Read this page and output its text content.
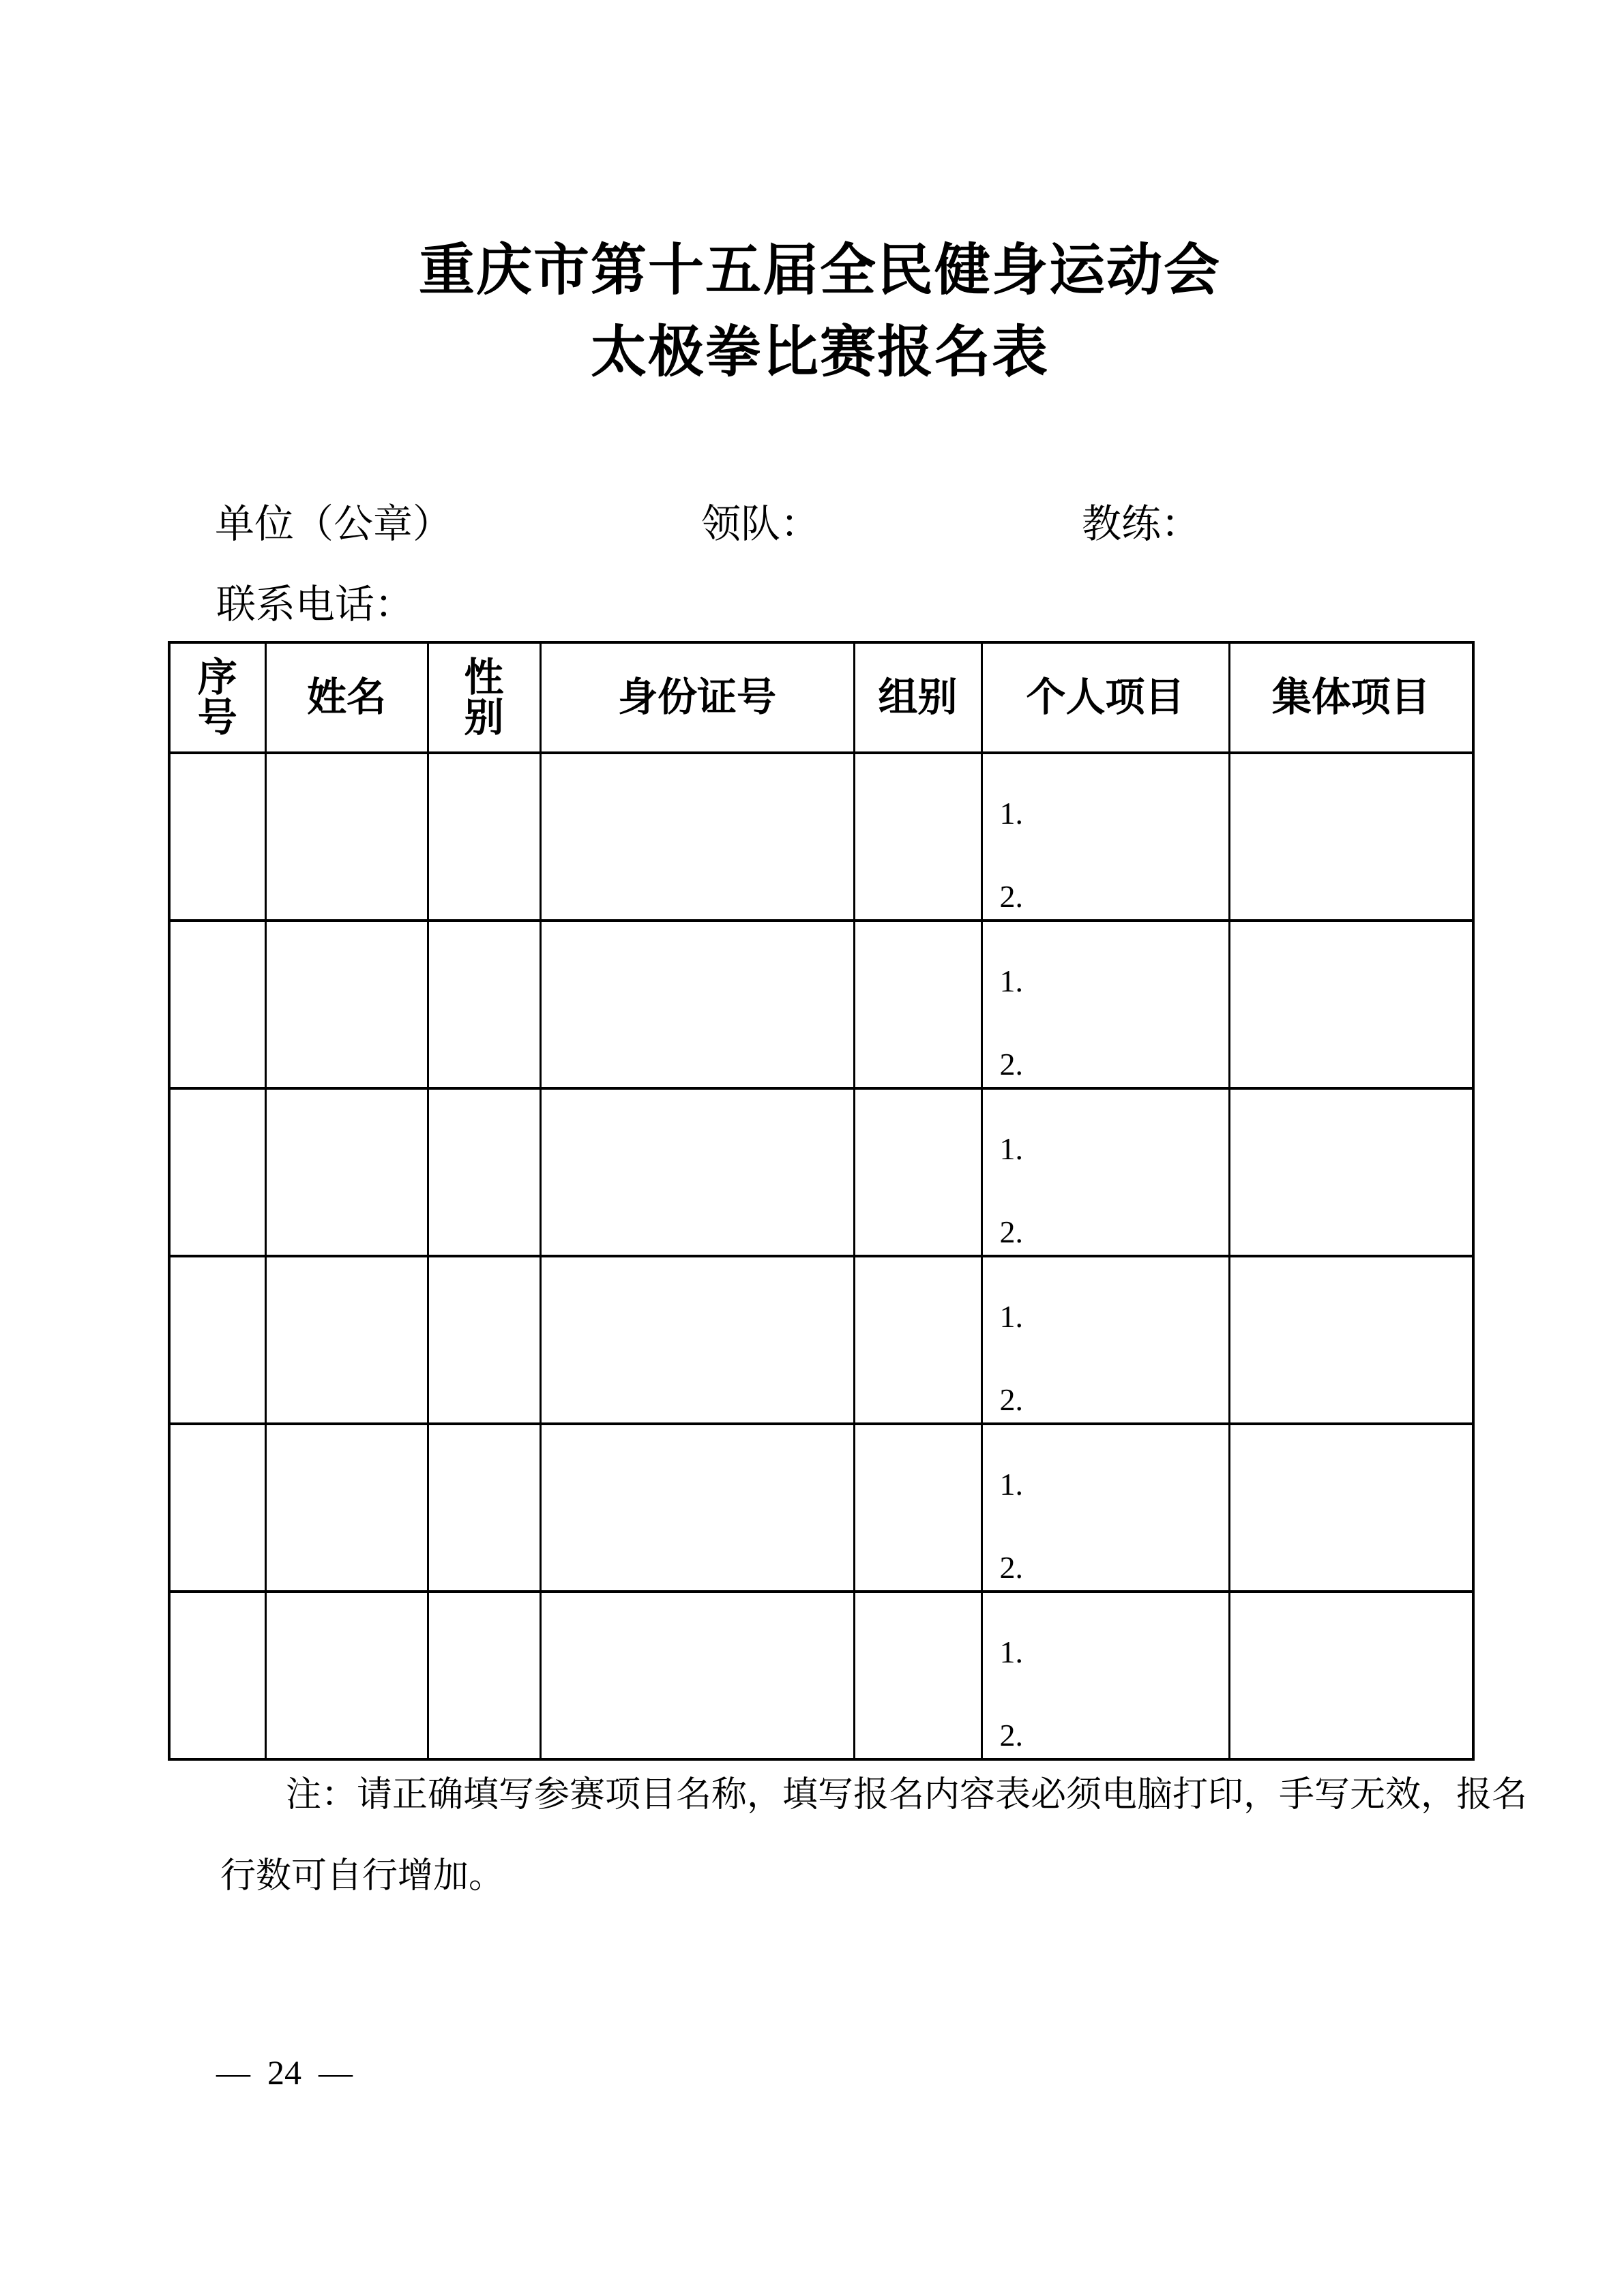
重庆市第十五届全民健身运动会
太极拳比赛报名表
单位（公章）	领队：	教练：
联系电话：
序号	姓名	性别	身份证号	组别	个人项目	集体项目

					1.
2.	

					1.
2.	

					1.
2.	

					1.
2.	

					1.
2.	

					1.
2.	

注：请正确填写参赛项目名称，填写报名内容表必须电脑打印，手写无效，报名
行数可自行增加。
—  24  —
